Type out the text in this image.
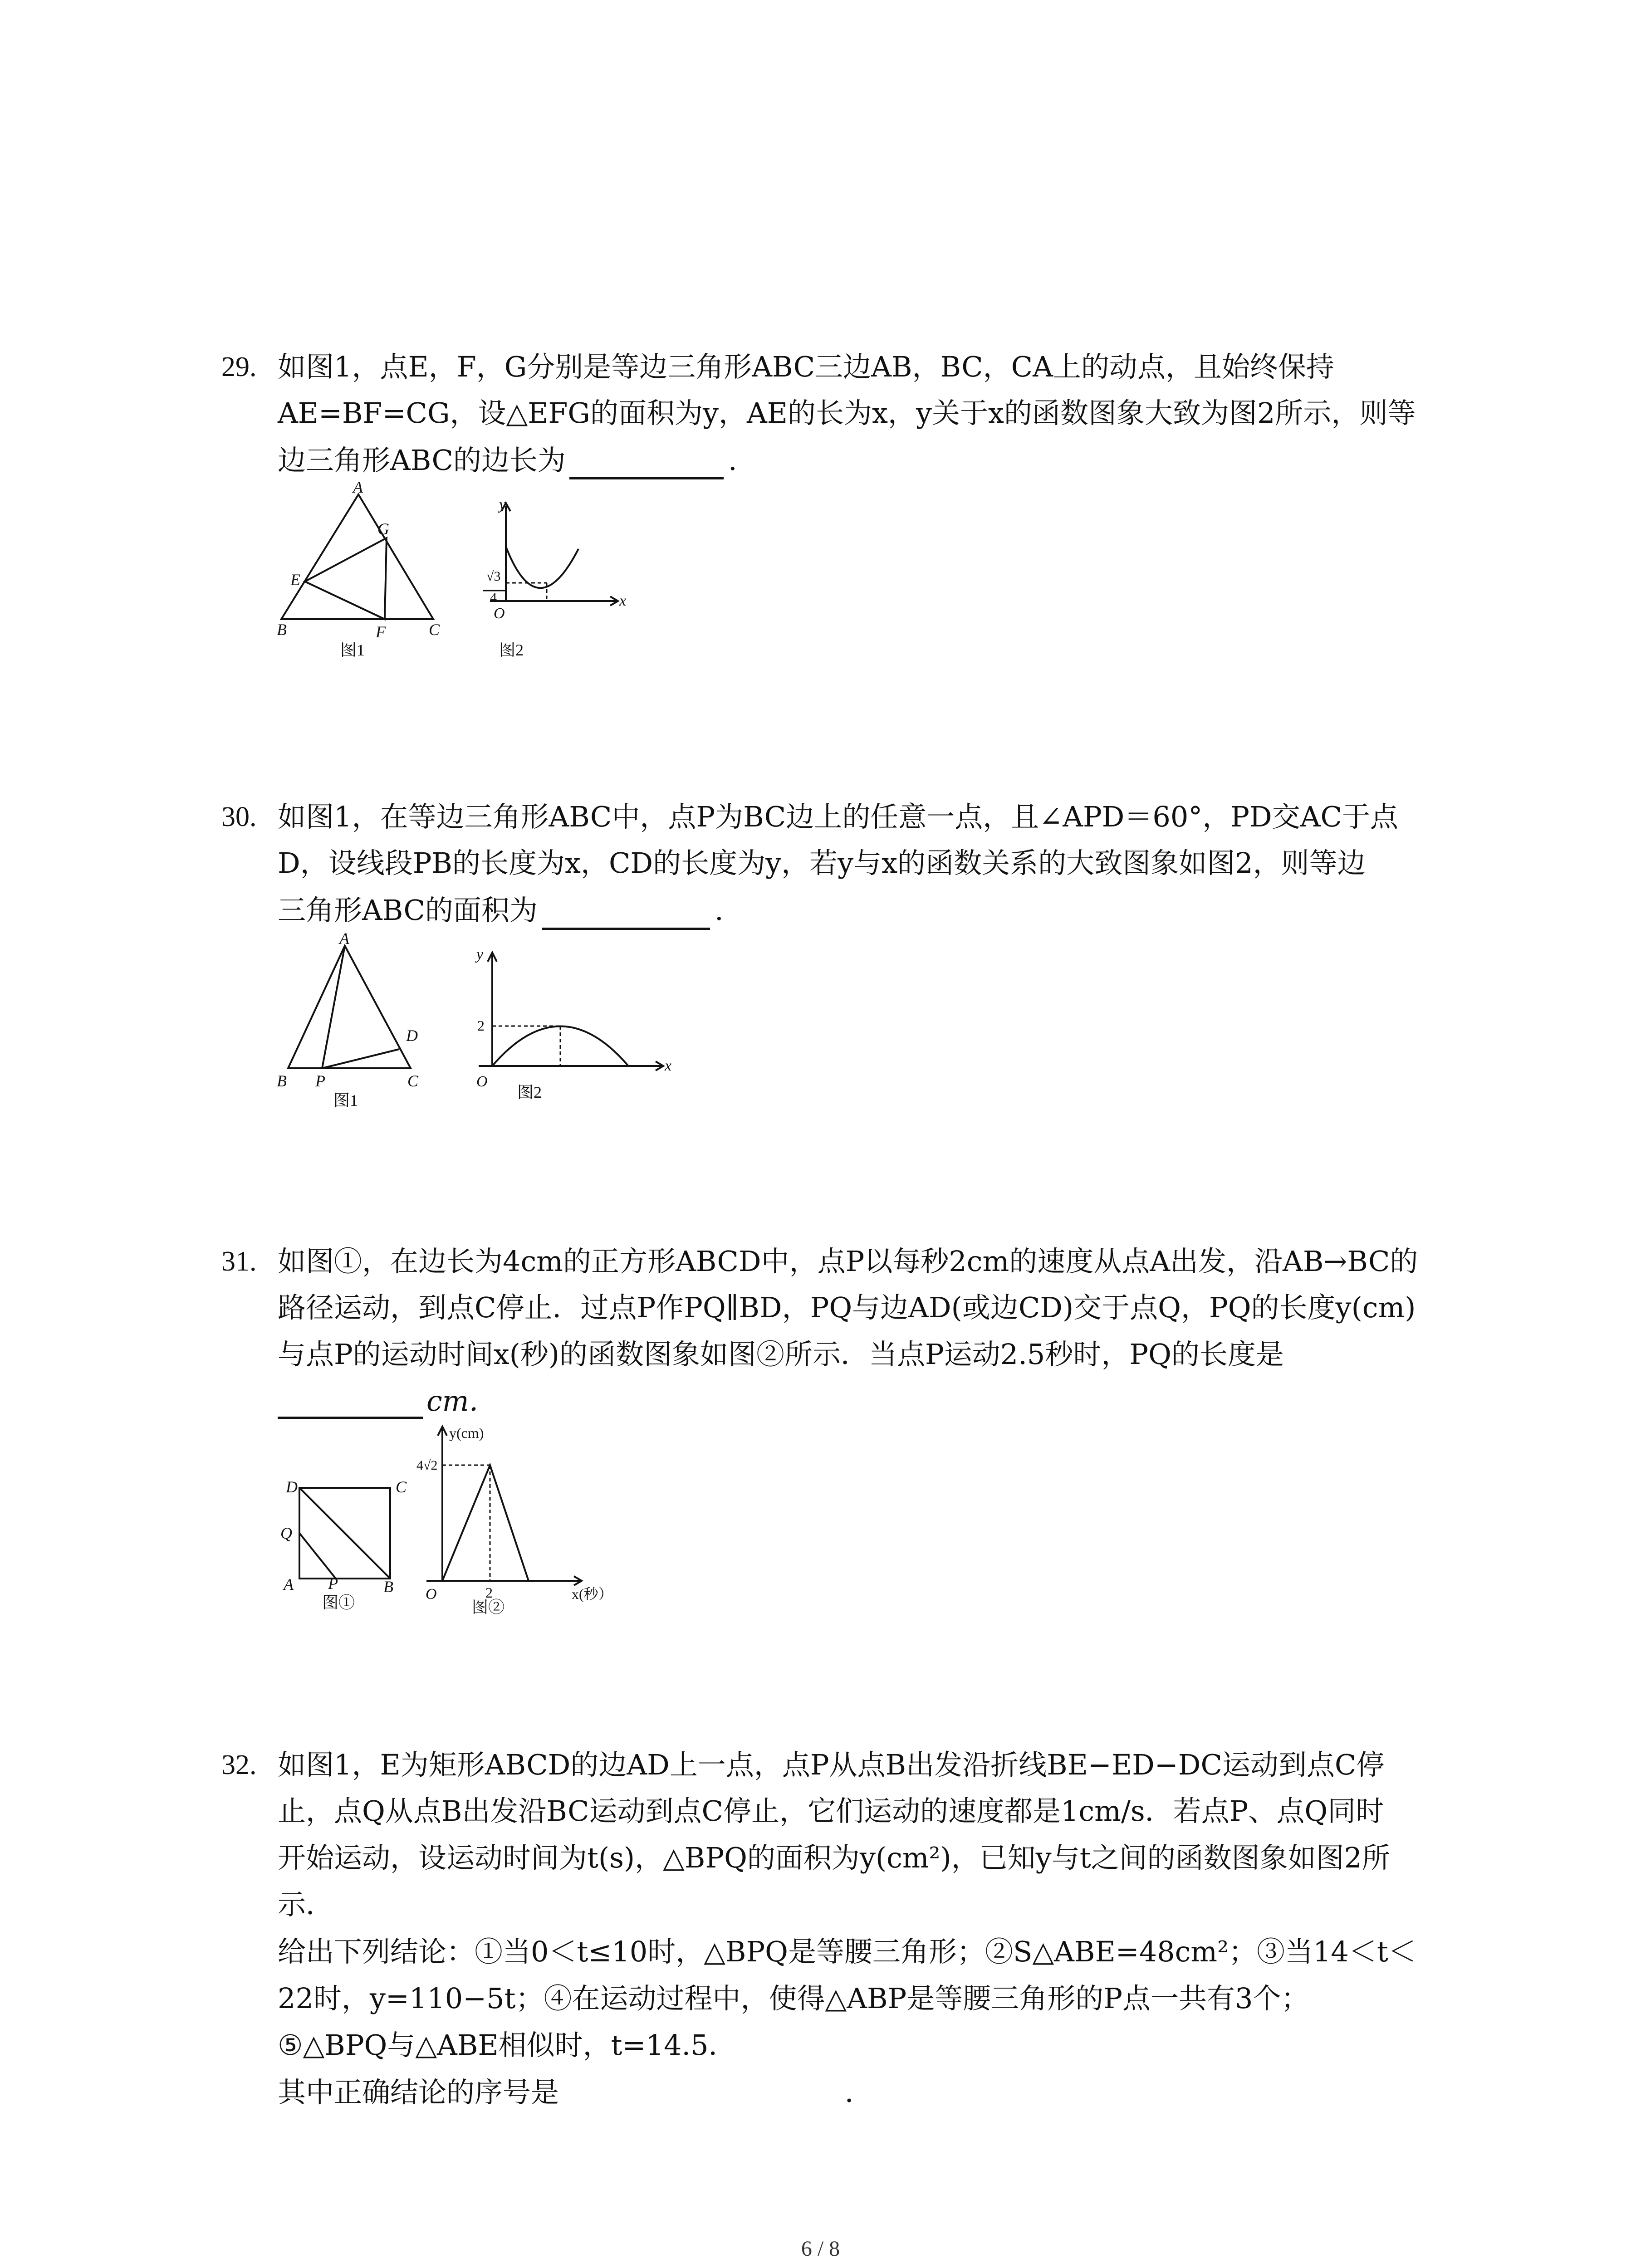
29. 如图1，点E，F，G分别是等边三角形ABC三边AB，BC，CA上的动点，且始终保持
AE=BF=CG，设△EFG的面积为y，AE的长为x，y关于x的函数图象大致为图2所示，则等
边三角形ABC的边长为	.
A
G
E
B	F	C
图1
y
x
O
√3
4
图2
30. 如图1，在等边三角形ABC中，点P为BC边上的任意一点，且∠APD＝60°，PD交AC于点
D，设线段PB的长度为x，CD的长度为y，若y与x的函数关系的大致图象如图2，则等边
三角形ABC的面积为	.
A
D
B P	C
图1
y
x
O
2
图2
31. 如图①，在边长为4cm的正方形ABCD中，点P以每秒2cm的速度从点A出发，沿AB→BC的
路径运动，到点C停止．过点P作PQ∥BD，PQ与边AD(或边CD)交于点Q，PQ的长度y(cm)
与点P的运动时间x(秒)的函数图象如图②所示．当点P运动2.5秒时，PQ的长度是
cm．
D	C
Q
A P	B
图①
y(cm)
x(秒）
O
4√2
2
图②
32. 如图1，E为矩形ABCD的边AD上一点，点P从点B出发沿折线BE−ED−DC运动到点C停
止，点Q从点B出发沿BC运动到点C停止，它们运动的速度都是1cm/s．若点P、点Q同时
开始运动，设运动时间为t(s)，△BPQ的面积为y(cm²)，已知y与t之间的函数图象如图2所
示．
给出下列结论：①当0＜t≤10时，△BPQ是等腰三角形；②S△ABE=48cm²；③当14＜t＜
22时，y=110−5t；④在运动过程中，使得△ABP是等腰三角形的P点一共有3个；
⑤△BPQ与△ABE相似时，t=14.5．
其中正确结论的序号是	．
6 / 8
